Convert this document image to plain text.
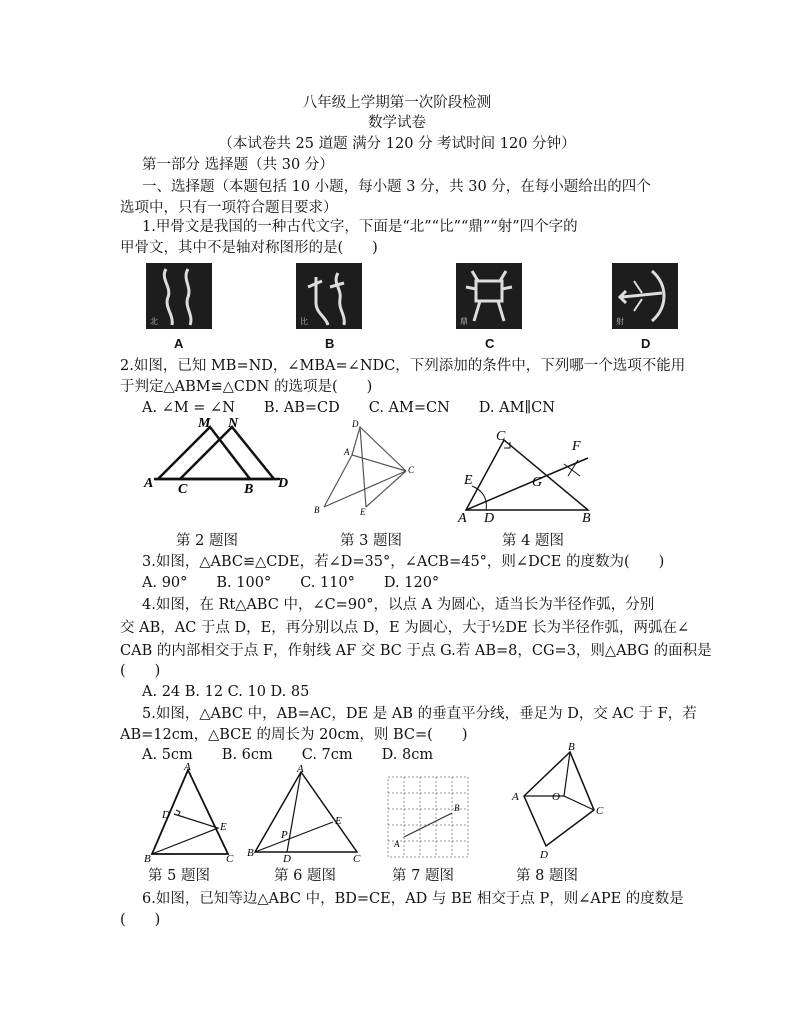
八年级上学期第一次阶段检测
数学试卷
（本试卷共 25 道题 满分 120 分 考试时间 120 分钟）
第一部分 选择题（共 30 分）
一、选择题（本题包括 10 小题，每小题 3 分，共 30 分，在每小题给出的四个
选项中，只有一项符合题目要求）
1.甲骨文是我国的一种古代文字，下面是“北”“比”“鼎”“射”四个字的
甲骨文，其中不是轴对称图形的是(　　)
北	比	鼎	射
A	B	C	D
2.如图，已知 MB=ND，∠MBA=∠NDC，下列添加的条件中，下列哪一个选项不能用
于判定△ABM≌△CDN 的选项是(　　)
A. ∠M = ∠N　　B. AB=CD　　C. AM=CN　　D. AM∥CN
M N
A C	B D
D
A
C
B	E
C
F
E	G
A D	B
第 2 题图	第 3 题图	第 4 题图
3.如图，△ABC≌△CDE，若∠D=35°，∠ACB=45°，则∠DCE 的度数为(　　)
A. 90°　　B. 100°　　C. 110°　　D. 120°
4.如图，在 Rt△ABC 中，∠C=90°，以点 A 为圆心，适当长为半径作弧，分别
交 AB，AC 于点 D，E，再分别以点 D，E 为圆心，大于½DE 长为半径作弧，两弧在∠
CAB 的内部相交于点 F，作射线 AF 交 BC 于点 G.若 AB=8，CG=3，则△ABG 的面积是
(　　)
A. 24 B. 12 C. 10 D. 85
5.如图，△ABC 中，AB=AC，DE 是 AB 的垂直平分线，垂足为 D，交 AC 于 F，若
AB=12cm，△BCE 的周长为 20cm，则 BC=(　　)
A. 5cm　　B. 6cm　　C. 7cm　　D. 8cm
A
D
E
B	C
A
E
P
B	D	C
A
B
B
A	O
C
D
第 5 题图	第 6 题图	第 7 题图	第 8 题图
6.如图，已知等边△ABC 中，BD=CE，AD 与 BE 相交于点 P，则∠APE 的度数是
(　　)
